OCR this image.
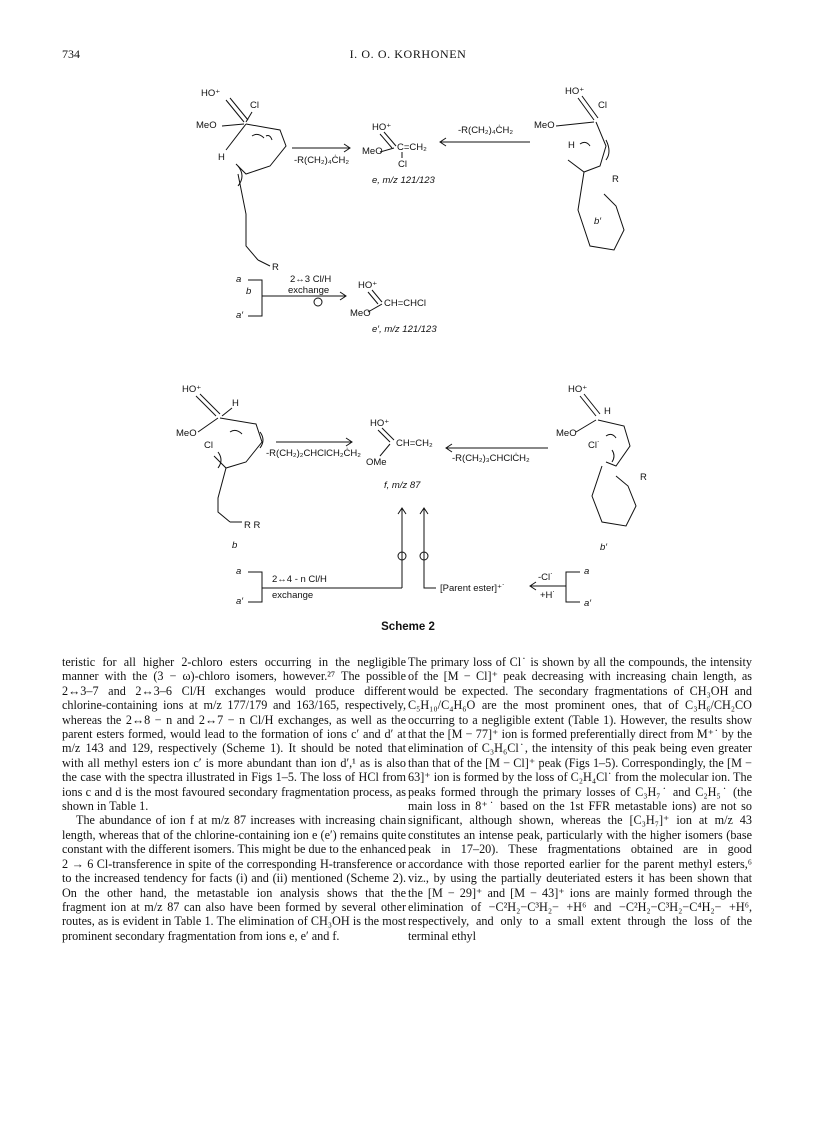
734	I. O. O. KORHONEN
HO⁺
Cl
MeO
H
R
b
-R(CH₂)₄ĊH₂
HO⁺
MeO C=CH₂
Cl
e, m/z 121/123
-R(CH₂)₄ĊH₂
HO⁺
Cl
MeO
H
R
b′
a
a′
2↔3 Cl/H
exchange	HO⁺
MeO
CH=CHCl
e′, m/z 121/123
HO⁺
H
MeO
Cl
R R
b
-R(CH₂)₂CHClCH₂ĊH₂
HO⁺
CH=CH₂
OMe
f, m/z 87
-R(CH₂)₃CHClĊH₂
HO⁺
H
MeO
Cl˙
R
b′
a
a′
2↔4 - n Cl/H
exchange
[Parent ester]⁺˙
-Cl˙
+H˙
a
a′
Scheme 2

teristic for all higher 2-chloro esters occurring in the negligible manner with the (3 − ω)-chloro isomers, however.²⁷ The possible 2↔3–7 and 2↔3–6 Cl/H exchanges would produce different chlorine-containing ions at m/z 177/179 and 163/165, respectively, whereas the 2↔8 − n and 2↔7 − n Cl/H exchanges, as well as the parent esters formed, would lead to the formation of ions c′ and d′ at m/z 143 and 129, respectively (Scheme 1). It should be noted that with all methyl esters ion c′ is more abundant than ion d′,¹ as is also the case with the spectra illustrated in Figs 1–5. The loss of HCl from ions c and d is the most favoured secondary fragmentation process, as shown in Table 1.

The abundance of ion f at m/z 87 increases with increasing chain length, whereas that of the chlorine-containing ion e (e′) remains quite constant with the different isomers. This might be due to the enhanced 2 → 6 Cl-transference in spite of the corresponding H-transference or to the increased tendency for facts (i) and (ii) mentioned (Scheme 2). On the other hand, the metastable ion analysis shows that the fragment ion at m/z 87 can also have been formed by several other routes, as is evident in Table 1. The elimination of CH₃OH is the most prominent secondary fragmentation from ions e, e′ and f.

The primary loss of Cl˙ is shown by all the compounds, the intensity of the [M − Cl]⁺ peak decreasing with increasing chain length, as would be expected. The secondary fragmentations of CH₃OH and C₅H₁₀/C₄H₆O are the most prominent ones, that of C₃H₆/CH₂CO occurring to a negligible extent (Table 1). However, the results show that the [M − 77]⁺ ion is formed preferentially direct from M⁺˙ by the elimination of C₃H₆Cl˙, the intensity of this peak being even greater than that of the [M − Cl]⁺ peak (Figs 1–5). Correspondingly, the [M − 63]⁺ ion is formed by the loss of C₂H₄Cl˙ from the molecular ion. The peaks formed through the primary losses of C₃H₇˙ and C₂H₅˙ (the main loss in 8⁺˙ based on the 1st FFR metastable ions) are not so significant, although shown, whereas the [C₃H₇]⁺ ion at m/z 43 constitutes an intense peak, particularly with the higher isomers (base peak in 17–20). These fragmentations obtained are in good accordance with those reported earlier for the parent methyl esters,⁶ viz., by using the partially deuteriated esters it has been shown that the [M − 29]⁺ and [M − 43]⁺ ions are mainly formed through the elimination of −C²H₂−C³H₂− +H⁶ and −C²H₂−C³H₂−C⁴H₂− +H⁶, respectively, and only to a small extent through the loss of the terminal ethyl
